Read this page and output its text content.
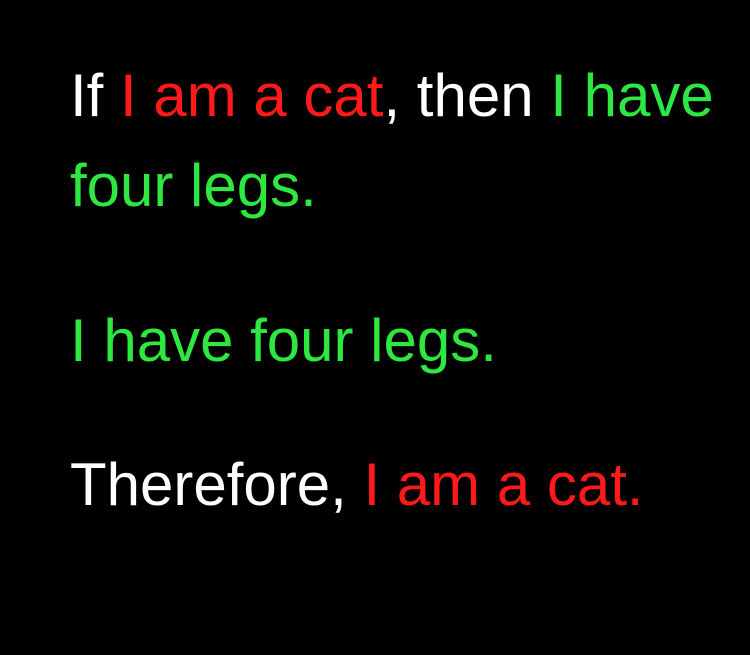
If I am a cat, then I have four legs.

I have four legs.

Therefore, I am a cat.
